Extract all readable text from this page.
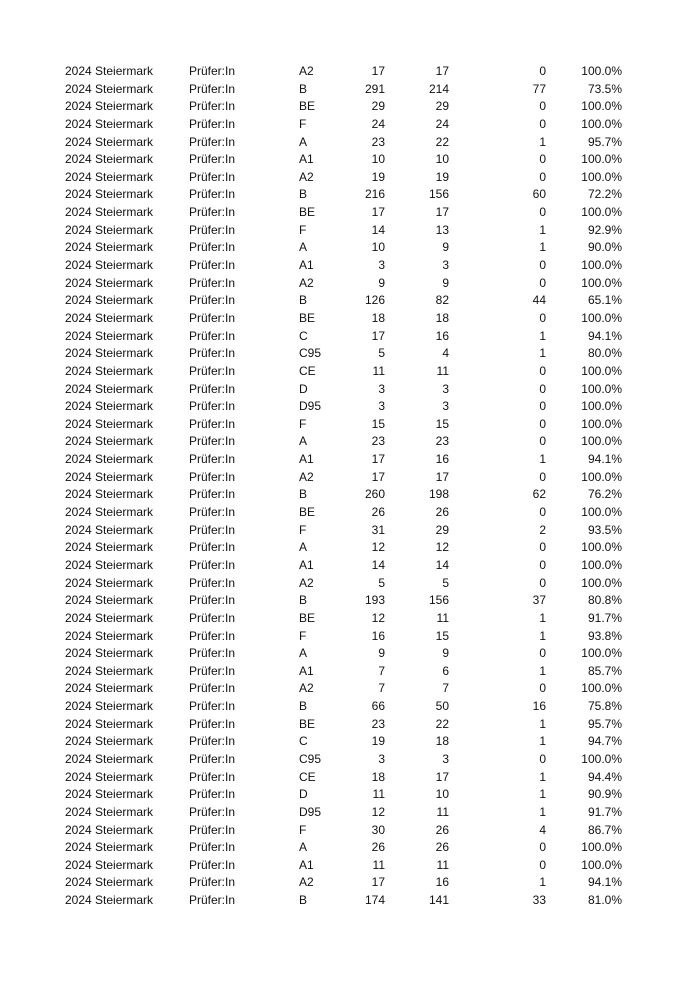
2024 Steiermark	Prüfer:In	A2	17	17	0	100.0%
2024 Steiermark	Prüfer:In	B	291	214	77	73.5%
2024 Steiermark	Prüfer:In	BE	29	29	0	100.0%
2024 Steiermark	Prüfer:In	F	24	24	0	100.0%
2024 Steiermark	Prüfer:In	A	23	22	1	95.7%
2024 Steiermark	Prüfer:In	A1	10	10	0	100.0%
2024 Steiermark	Prüfer:In	A2	19	19	0	100.0%
2024 Steiermark	Prüfer:In	B	216	156	60	72.2%
2024 Steiermark	Prüfer:In	BE	17	17	0	100.0%
2024 Steiermark	Prüfer:In	F	14	13	1	92.9%
2024 Steiermark	Prüfer:In	A	10	9	1	90.0%
2024 Steiermark	Prüfer:In	A1	3	3	0	100.0%
2024 Steiermark	Prüfer:In	A2	9	9	0	100.0%
2024 Steiermark	Prüfer:In	B	126	82	44	65.1%
2024 Steiermark	Prüfer:In	BE	18	18	0	100.0%
2024 Steiermark	Prüfer:In	C	17	16	1	94.1%
2024 Steiermark	Prüfer:In	C95	5	4	1	80.0%
2024 Steiermark	Prüfer:In	CE	11	11	0	100.0%
2024 Steiermark	Prüfer:In	D	3	3	0	100.0%
2024 Steiermark	Prüfer:In	D95	3	3	0	100.0%
2024 Steiermark	Prüfer:In	F	15	15	0	100.0%
2024 Steiermark	Prüfer:In	A	23	23	0	100.0%
2024 Steiermark	Prüfer:In	A1	17	16	1	94.1%
2024 Steiermark	Prüfer:In	A2	17	17	0	100.0%
2024 Steiermark	Prüfer:In	B	260	198	62	76.2%
2024 Steiermark	Prüfer:In	BE	26	26	0	100.0%
2024 Steiermark	Prüfer:In	F	31	29	2	93.5%
2024 Steiermark	Prüfer:In	A	12	12	0	100.0%
2024 Steiermark	Prüfer:In	A1	14	14	0	100.0%
2024 Steiermark	Prüfer:In	A2	5	5	0	100.0%
2024 Steiermark	Prüfer:In	B	193	156	37	80.8%
2024 Steiermark	Prüfer:In	BE	12	11	1	91.7%
2024 Steiermark	Prüfer:In	F	16	15	1	93.8%
2024 Steiermark	Prüfer:In	A	9	9	0	100.0%
2024 Steiermark	Prüfer:In	A1	7	6	1	85.7%
2024 Steiermark	Prüfer:In	A2	7	7	0	100.0%
2024 Steiermark	Prüfer:In	B	66	50	16	75.8%
2024 Steiermark	Prüfer:In	BE	23	22	1	95.7%
2024 Steiermark	Prüfer:In	C	19	18	1	94.7%
2024 Steiermark	Prüfer:In	C95	3	3	0	100.0%
2024 Steiermark	Prüfer:In	CE	18	17	1	94.4%
2024 Steiermark	Prüfer:In	D	11	10	1	90.9%
2024 Steiermark	Prüfer:In	D95	12	11	1	91.7%
2024 Steiermark	Prüfer:In	F	30	26	4	86.7%
2024 Steiermark	Prüfer:In	A	26	26	0	100.0%
2024 Steiermark	Prüfer:In	A1	11	11	0	100.0%
2024 Steiermark	Prüfer:In	A2	17	16	1	94.1%
2024 Steiermark	Prüfer:In	B	174	141	33	81.0%
